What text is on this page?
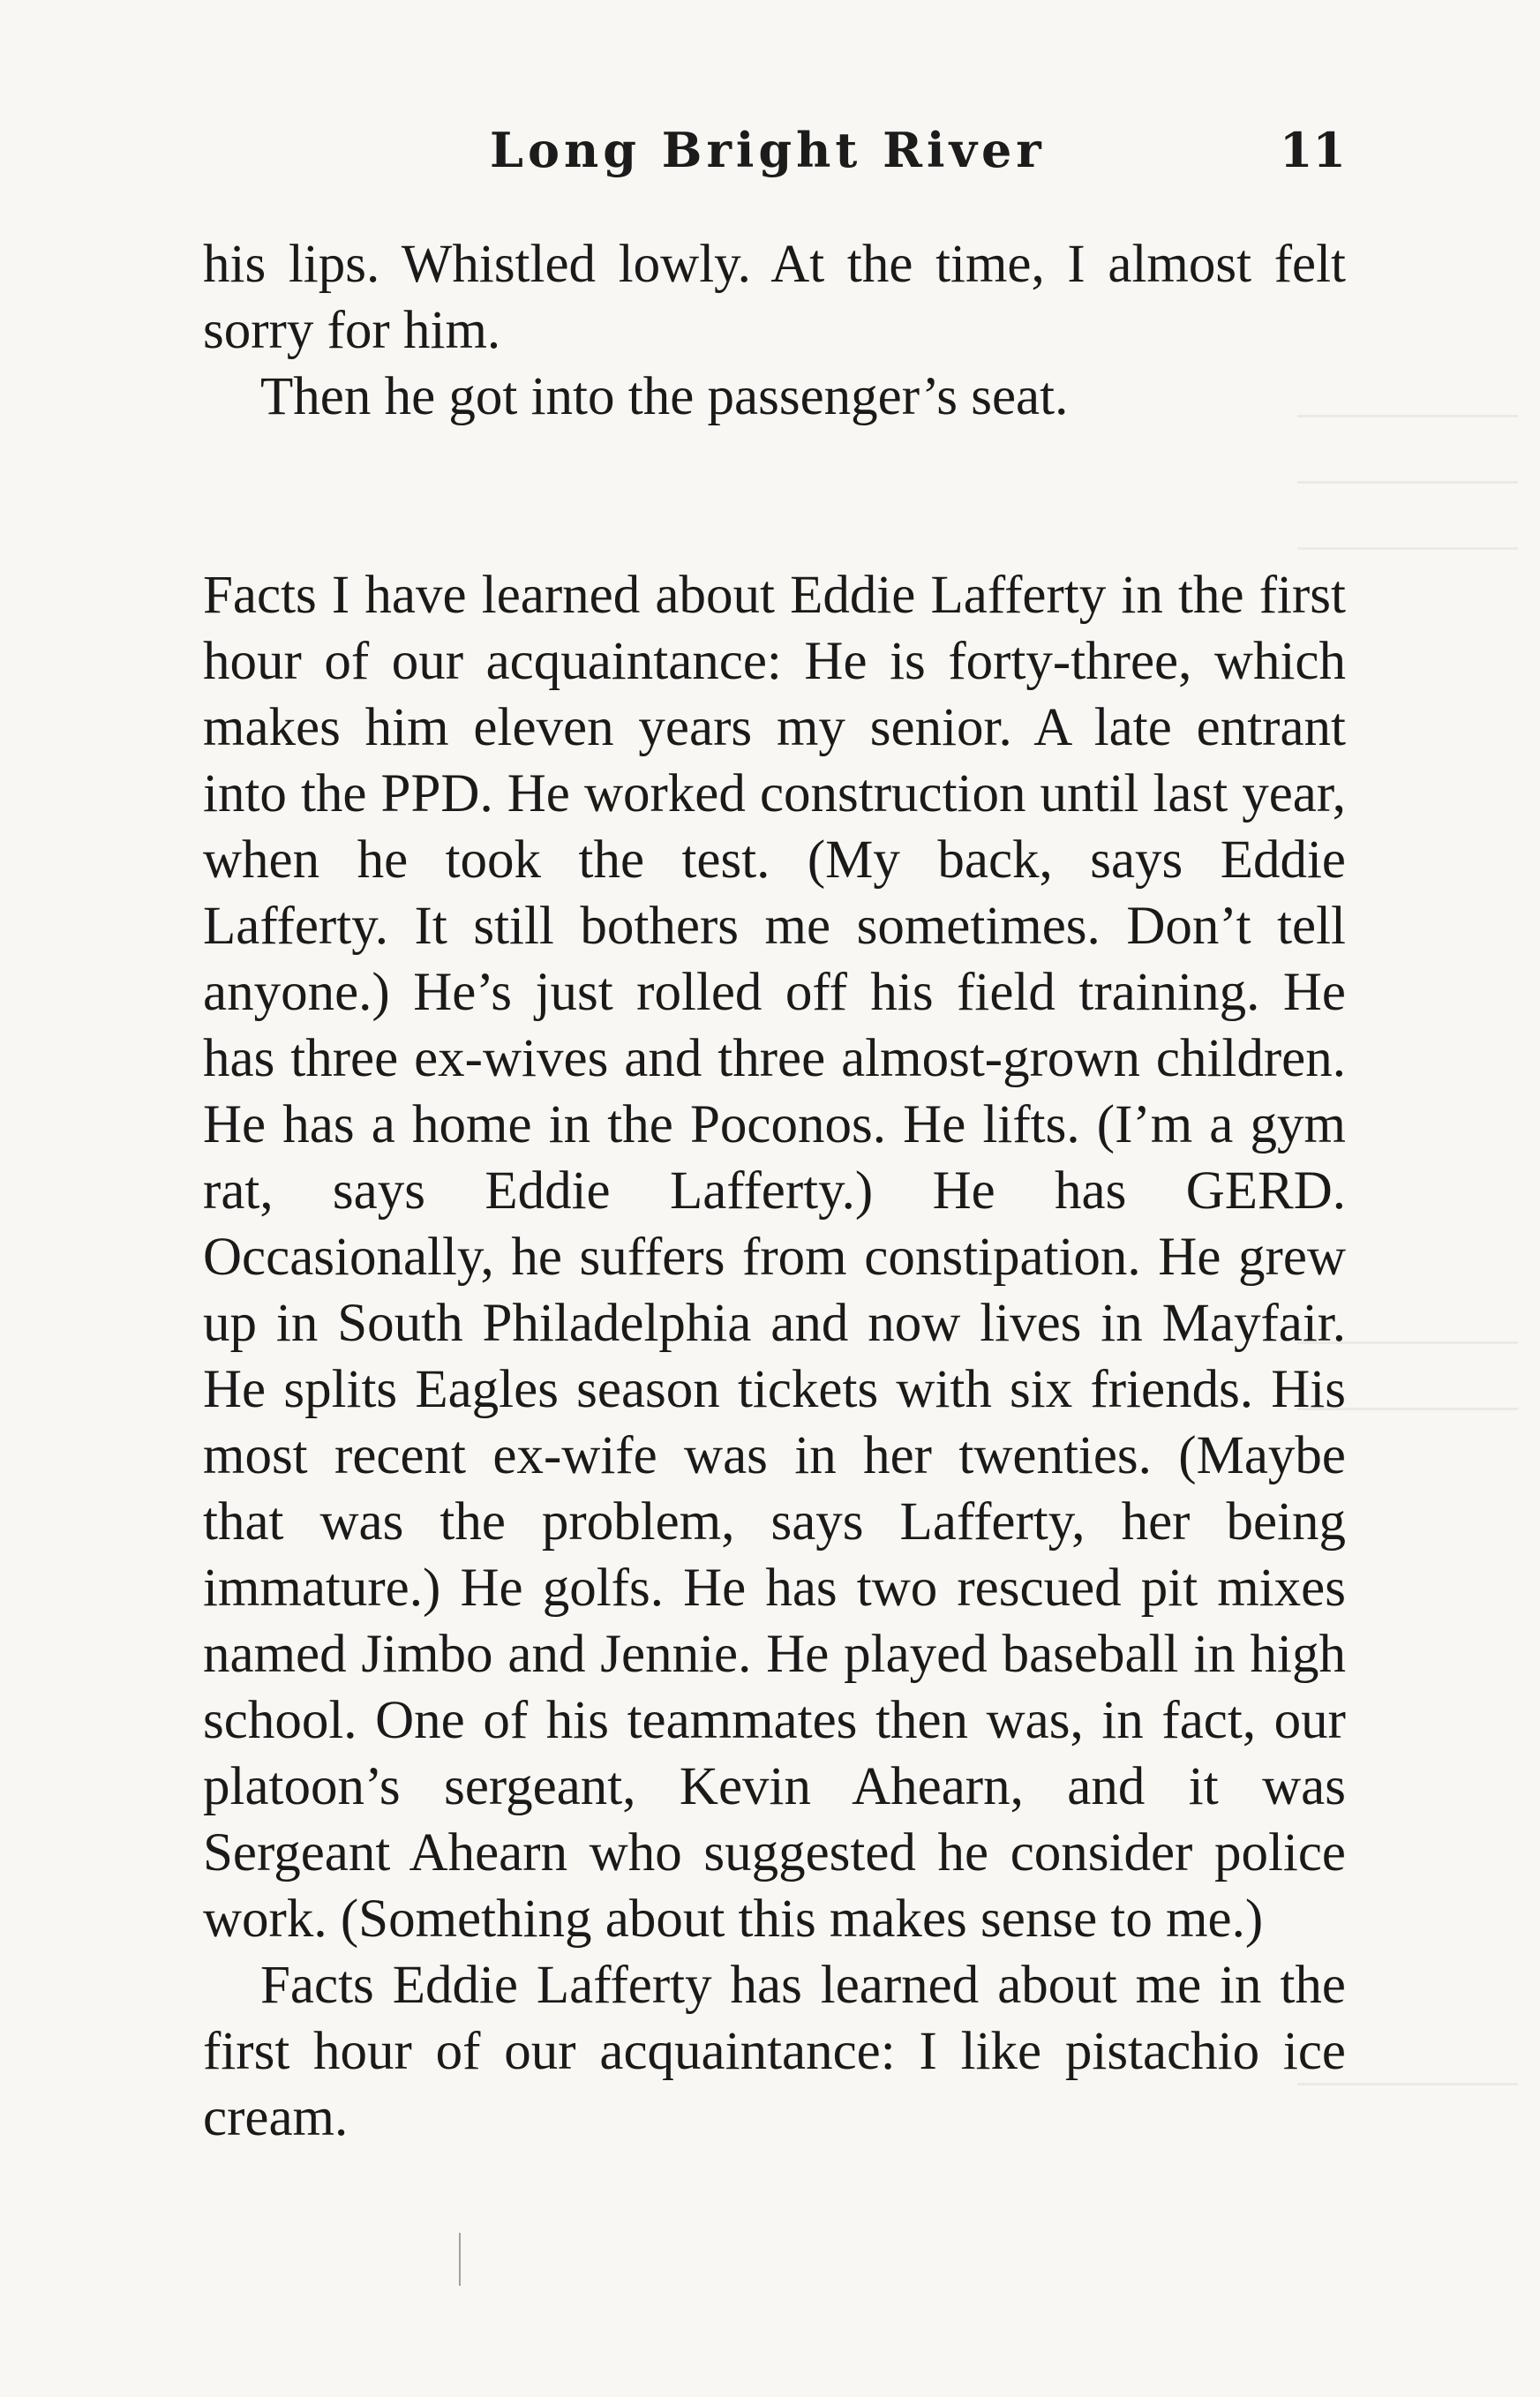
Long Bright River	11

his lips. Whistled lowly. At the time, I almost felt sorry for him.

Then he got into the passenger’s seat.

Facts I have learned about Eddie Lafferty in the first hour of our acquaintance: He is forty-three, which makes him eleven years my senior. A late entrant into the PPD. He worked construction until last year, when he took the test. (My back, says Eddie Lafferty. It still bothers me sometimes. Don’t tell anyone.) He’s just rolled off his field training. He has three ex-wives and three almost-grown children. He has a home in the Poconos. He lifts. (I’m a gym rat, says Eddie Lafferty.) He has GERD. Occasionally, he suffers from constipation. He grew up in South Philadelphia and now lives in Mayfair. He splits Eagles season tickets with six friends. His most recent ex-wife was in her twenties. (Maybe that was the problem, says Lafferty, her being immature.) He golfs. He has two rescued pit mixes named Jimbo and Jennie. He played baseball in high school. One of his teammates then was, in fact, our platoon’s sergeant, Kevin Ahearn, and it was Sergeant Ahearn who suggested he consider police work. (Something about this makes sense to me.)

Facts Eddie Lafferty has learned about me in the first hour of our acquaintance: I like pistachio ice cream.
